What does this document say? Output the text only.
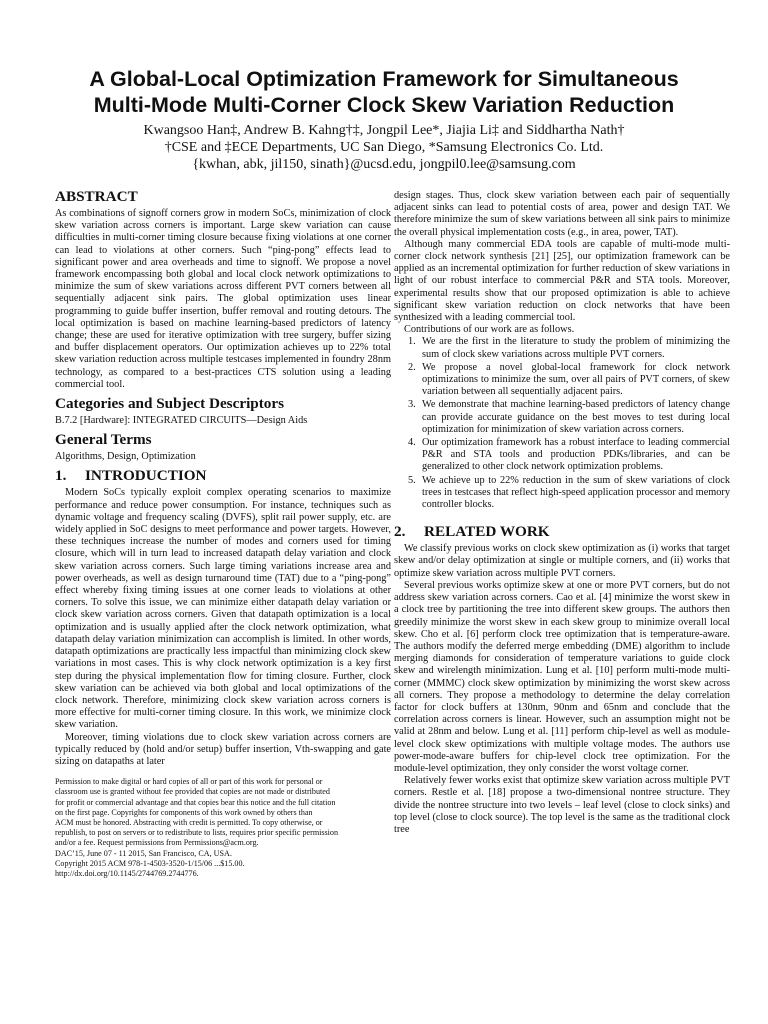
A Global-Local Optimization Framework for Simultaneous
Multi-Mode Multi-Corner Clock Skew Variation Reduction
Kwangsoo Han‡, Andrew B. Kahng†‡, Jongpil Lee*, Jiajia Li‡ and Siddhartha Nath†
†CSE and ‡ECE Departments, UC San Diego, *Samsung Electronics Co. Ltd.
{kwhan, abk, jil150, sinath}@ucsd.edu, jongpil0.lee@samsung.com
ABSTRACT

As combinations of signoff corners grow in modern SoCs, minimization of clock skew variation across corners is important. Large skew variation can cause difficulties in multi-corner timing closure because fixing violations at one corner can lead to violations at other corners. Such “ping-pong” effects lead to significant power and area overheads and time to signoff. We propose a novel framework encompassing both global and local clock network optimizations to minimize the sum of skew variations across different PVT corners between all sequentially adjacent sink pairs. The global optimization uses linear programming to guide buffer insertion, buffer removal and routing detours. The local optimization is based on machine learning-based predictors of latency change; these are used for iterative optimization with tree surgery, buffer sizing and buffer displacement operators. Our optimization achieves up to 22% total skew variation reduction across multiple testcases implemented in foundry 28nm technology, as compared to a best-practices CTS solution using a leading commercial tool.

Categories and Subject Descriptors

B.7.2 [Hardware]: INTEGRATED CIRCUITS—Design Aids

General Terms

Algorithms, Design, Optimization

1. INTRODUCTION

Modern SoCs typically exploit complex operating scenarios to maximize performance and reduce power consumption. For instance, techniques such as dynamic voltage and frequency scaling (DVFS), split rail power supply, etc. are widely applied in SoC designs to meet performance and power targets. However, these techniques increase the number of modes and corners used for timing closure, which will in turn lead to increased datapath delay variation and clock skew variation across corners. Such large timing variations increase area and power overheads, as well as design turnaround time (TAT) due to a “ping-pong” effect whereby fixing timing issues at one corner leads to violations at other corners. To solve this issue, we can minimize either datapath delay variation or clock skew variation across corners. Given that datapath optimization is a local optimization and is usually applied after the clock network optimization, what datapath delay variation minimization can accomplish is limited. In other words, datapath optimizations are practically less impactful than minimizing clock skew variations in most cases. This is why clock network optimization is a key first step during the physical implementation flow for timing closure. Further, clock skew variation can be achieved via both global and local optimizations of the clock network. Therefore, minimizing clock skew variation across corners is more effective for multi-corner timing closure. In this work, we minimize clock skew variation.

Moreover, timing violations due to clock skew variation across corners are typically reduced by (hold and/or setup) buffer insertion, Vth-swapping and gate sizing on datapaths at later

Permission to make digital or hard copies of all or part of this work for personal or
classroom use is granted without fee provided that copies are not made or distributed
for profit or commercial advantage and that copies bear this notice and the full citation
on the first page. Copyrights for components of this work owned by others than
ACM must be honored. Abstracting with credit is permitted. To copy otherwise, or
republish, to post on servers or to redistribute to lists, requires prior specific permission
and/or a fee. Request permissions from Permissions@acm.org.
DAC’15, June 07 - 11 2015, San Francisco, CA, USA.
Copyright 2015 ACM 978-1-4503-3520-1/15/06 ...$15.00.
http://dx.doi.org/10.1145/2744769.2744776.

design stages. Thus, clock skew variation between each pair of sequentially adjacent sinks can lead to potential costs of area, power and design TAT. We therefore minimize the sum of skew variations between all sink pairs to minimize the overall physical implementation costs (e.g., in area, power, TAT).

Although many commercial EDA tools are capable of multi-mode multi-corner clock network synthesis [21] [25], our optimization framework can be applied as an incremental optimization for further reduction of skew variations in light of our robust interface to commercial P&R and STA tools. Moreover, experimental results show that our proposed optimization is able to achieve significant skew variation reduction on clock networks that have been synthesized with a leading commercial tool.

Contributions of our work are as follows.

1. We are the first in the literature to study the problem of minimizing the sum of clock skew variations across multiple PVT corners.
2. We propose a novel global-local framework for clock network optimizations to minimize the sum, over all pairs of PVT corners, of skew variation between all sequentially adjacent pairs.
3. We demonstrate that machine learning-based predictors of latency change can provide accurate guidance on the best moves to test during local optimization for minimization of skew variation across corners.
4. Our optimization framework has a robust interface to leading commercial P&R and STA tools and production PDKs/libraries, and can be generalized to other clock network optimization problems.
5. We achieve up to 22% reduction in the sum of skew variations of clock trees in testcases that reflect high-speed application processor and memory controller blocks.
2. RELATED WORK

We classify previous works on clock skew optimization as (i) works that target skew and/or delay optimization at single or multiple corners, and (ii) works that optimize skew variation across multiple PVT corners.

Several previous works optimize skew at one or more PVT corners, but do not address skew variation across corners. Cao et al. [4] minimize the worst skew in a clock tree by partitioning the tree into different skew groups. The authors then greedily minimize the worst skew in each skew group to minimize overall local skew. Cho et al. [6] perform clock tree optimization that is temperature-aware. The authors modify the deferred merge embedding (DME) algorithm to include merging diamonds for consideration of temperature variations to guide clock skew and wirelength minimization. Lung et al. [10] perform multi-mode multi-corner (MMMC) clock skew optimization by minimizing the worst skew across all corners. They propose a methodology to determine the delay correlation factor for clock buffers at 130nm, 90nm and 65nm and conclude that the correlation across corners is linear. However, such an assumption might not be valid at 28nm and below. Lung et al. [11] perform chip-level as well as module-level clock skew optimizations with multiple voltage modes. The authors use power-mode-aware buffers for chip-level clock tree optimization. For the module-level optimization, they only consider the worst voltage corner.

Relatively fewer works exist that optimize skew variation across multiple PVT corners. Restle et al. [18] propose a two-dimensional nontree structure. They divide the nontree structure into two levels – leaf level (close to clock sinks) and top level (close to clock source). The top level is the same as the traditional clock tree
